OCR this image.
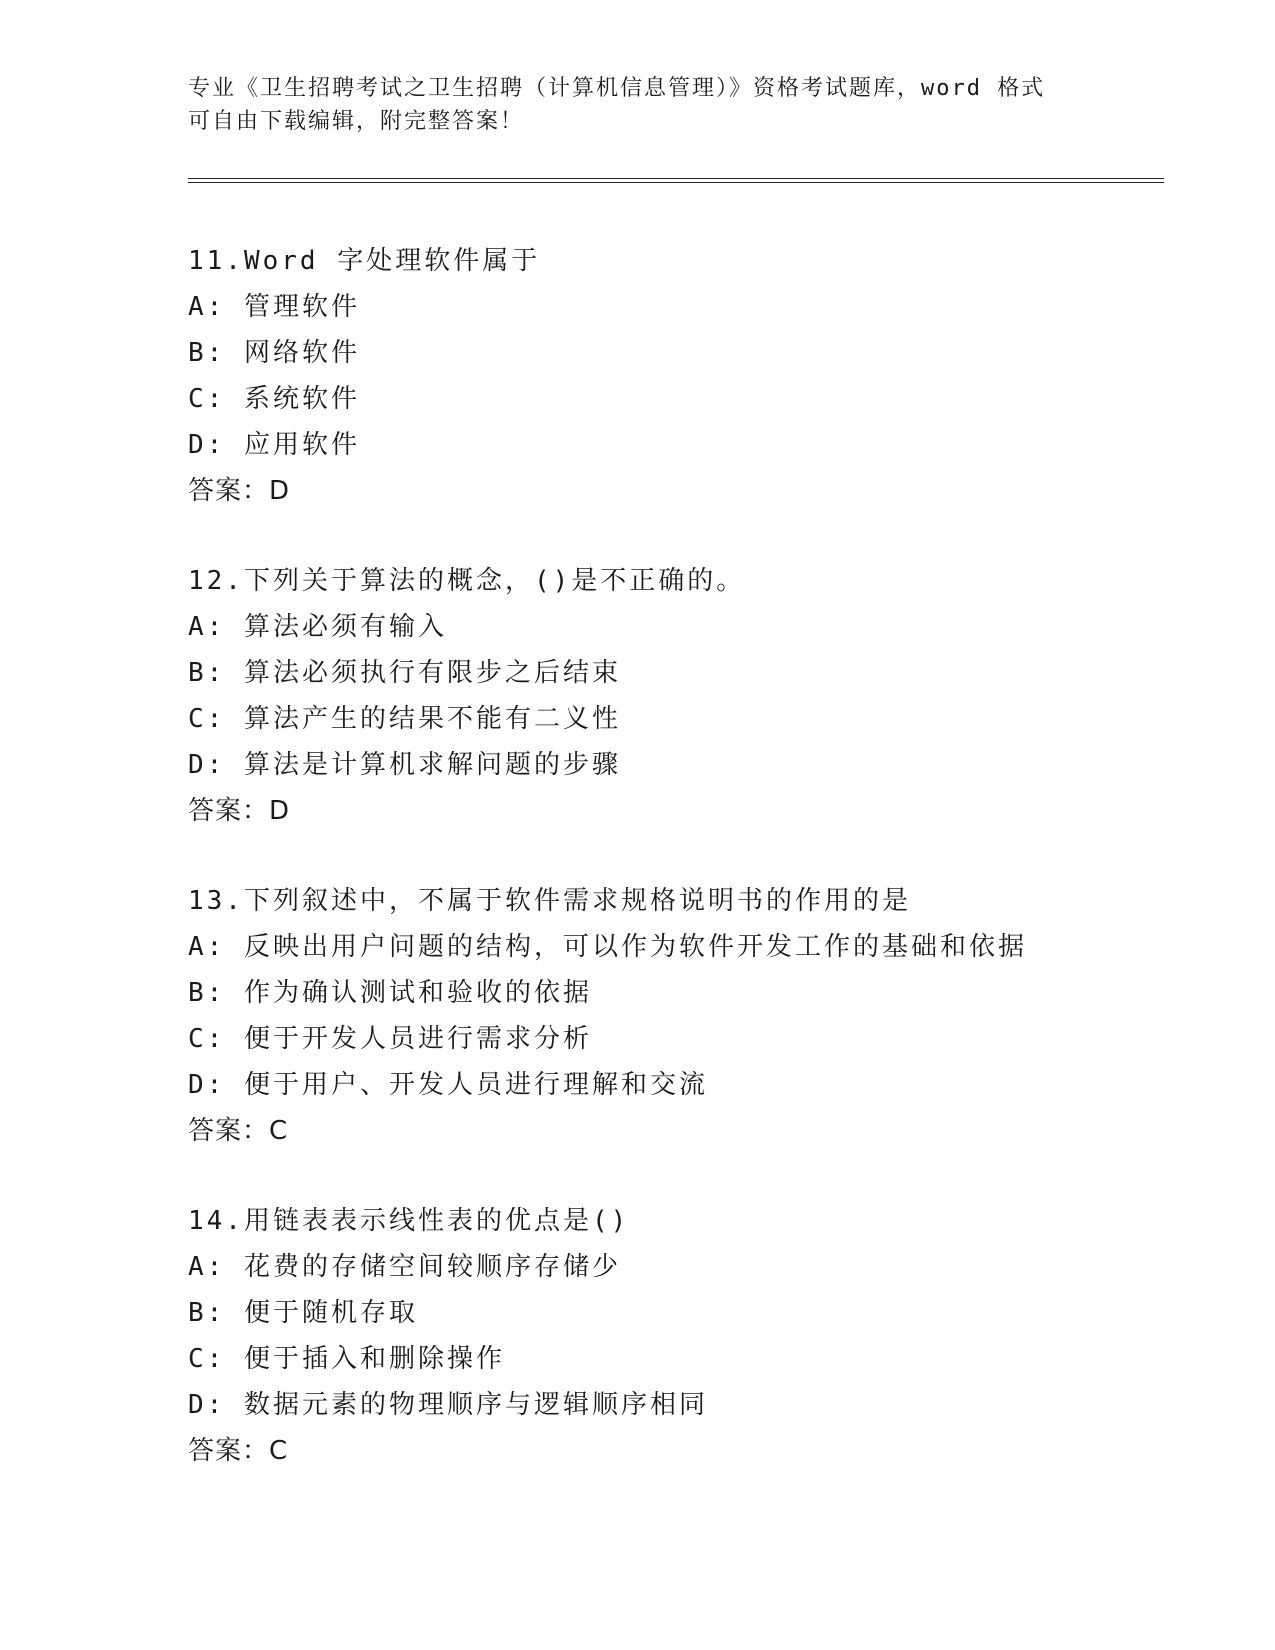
专业《卫生招聘考试之卫生招聘（计算机信息管理）》资格考试题库，word 格式
可自由下载编辑，附完整答案！
11.Word 字处理软件属于
A: 管理软件
B: 网络软件
C: 系统软件
D: 应用软件
答案：D
12.下列关于算法的概念，()是不正确的。
A: 算法必须有输入
B: 算法必须执行有限步之后结束
C: 算法产生的结果不能有二义性
D: 算法是计算机求解问题的步骤
答案：D
13.下列叙述中，不属于软件需求规格说明书的作用的是
A: 反映出用户问题的结构，可以作为软件开发工作的基础和依据
B: 作为确认测试和验收的依据
C: 便于开发人员进行需求分析
D: 便于用户、开发人员进行理解和交流
答案：C
14.用链表表示线性表的优点是()
A: 花费的存储空间较顺序存储少
B: 便于随机存取
C: 便于插入和删除操作
D: 数据元素的物理顺序与逻辑顺序相同
答案：C
